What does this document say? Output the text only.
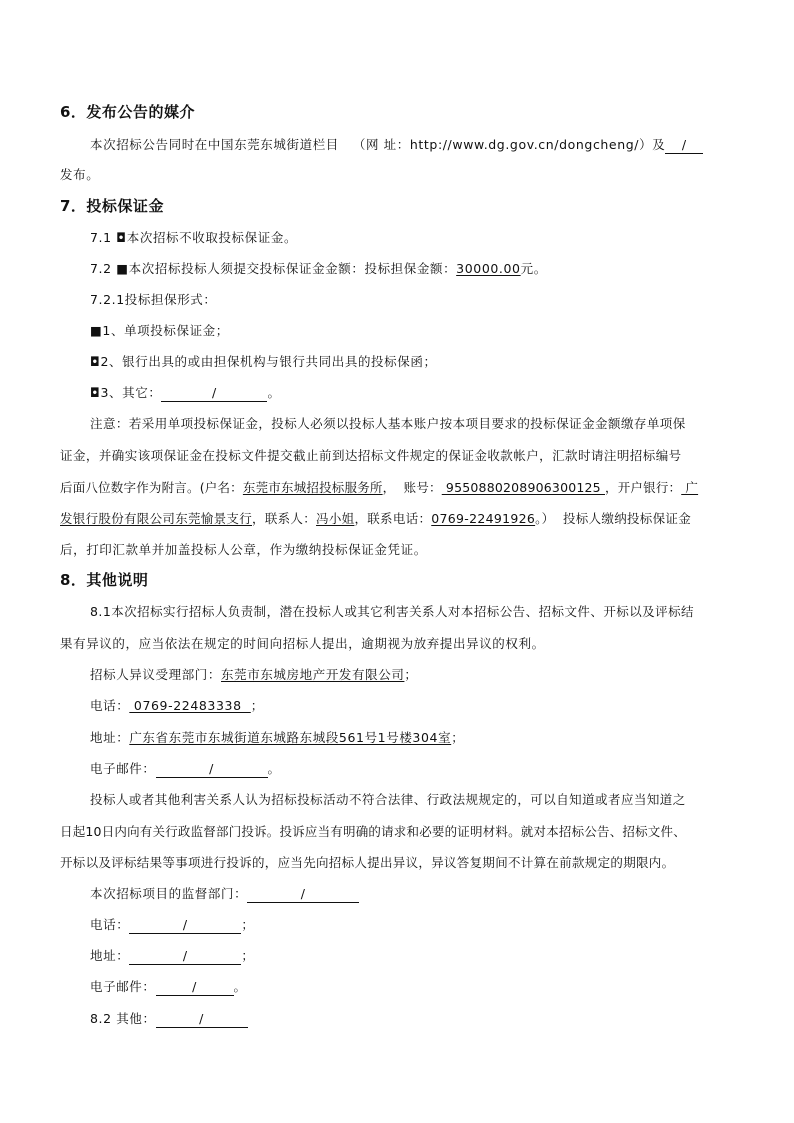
6．发布公告的媒介
本次招标公告同时在中国东莞东城街道栏目 （网 址：http://www.dg.gov.cn/dongcheng/）及 /
发布。
7．投标保证金
7.1 ◘本次招标不收取投标保证金。
7.2 ■本次招标投标人须提交投标保证金金额：投标担保金额：30000.00元。
7.2.1投标担保形式：
■1、单项投标保证金；
◘2、银行出具的或由担保机构与银行共同出具的投标保函；
◘3、其它：	/	。
注意：若采用单项投标保证金，投标人必须以投标人基本账户按本项目要求的投标保证金金额缴存单项保
证金，并确实该项保证金在投标文件提交截止前到达招标文件规定的保证金收款帐户，汇款时请注明招标编号
后面八位数字作为附言。(户名：东莞市东城招投标服务所，  账号： 9550880208906300125 ，开户银行： 广
发银行股份有限公司东莞愉景支行，联系人：冯小姐，联系电话：0769-22491926。）  投标人缴纳投标保证金
后，打印汇款单并加盖投标人公章，作为缴纳投标保证金凭证。
8．其他说明
8.1本次招标实行招标人负责制，潜在投标人或其它利害关系人对本招标公告、招标文件、开标以及评标结
果有异议的，应当依法在规定的时间向招标人提出，逾期视为放弃提出异议的权利。
招标人异议受理部门：东莞市东城房地产开发有限公司；
电话： 0769-22483338  ；
地址：广东省东莞市东城街道东城路东城段561号1号楼304室；
电子邮件：	/	。
投标人或者其他利害关系人认为招标投标活动不符合法律、行政法规规定的，可以自知道或者应当知道之
日起10日内向有关行政监督部门投诉。投诉应当有明确的请求和必要的证明材料。就对本招标公告、招标文件、
开标以及评标结果等事项进行投诉的，应当先向招标人提出异议，异议答复期间不计算在前款规定的期限内。
本次招标项目的监督部门：	/
电话：	/	；
地址：	/	；
电子邮件：	/	。
8.2 其他：	/
